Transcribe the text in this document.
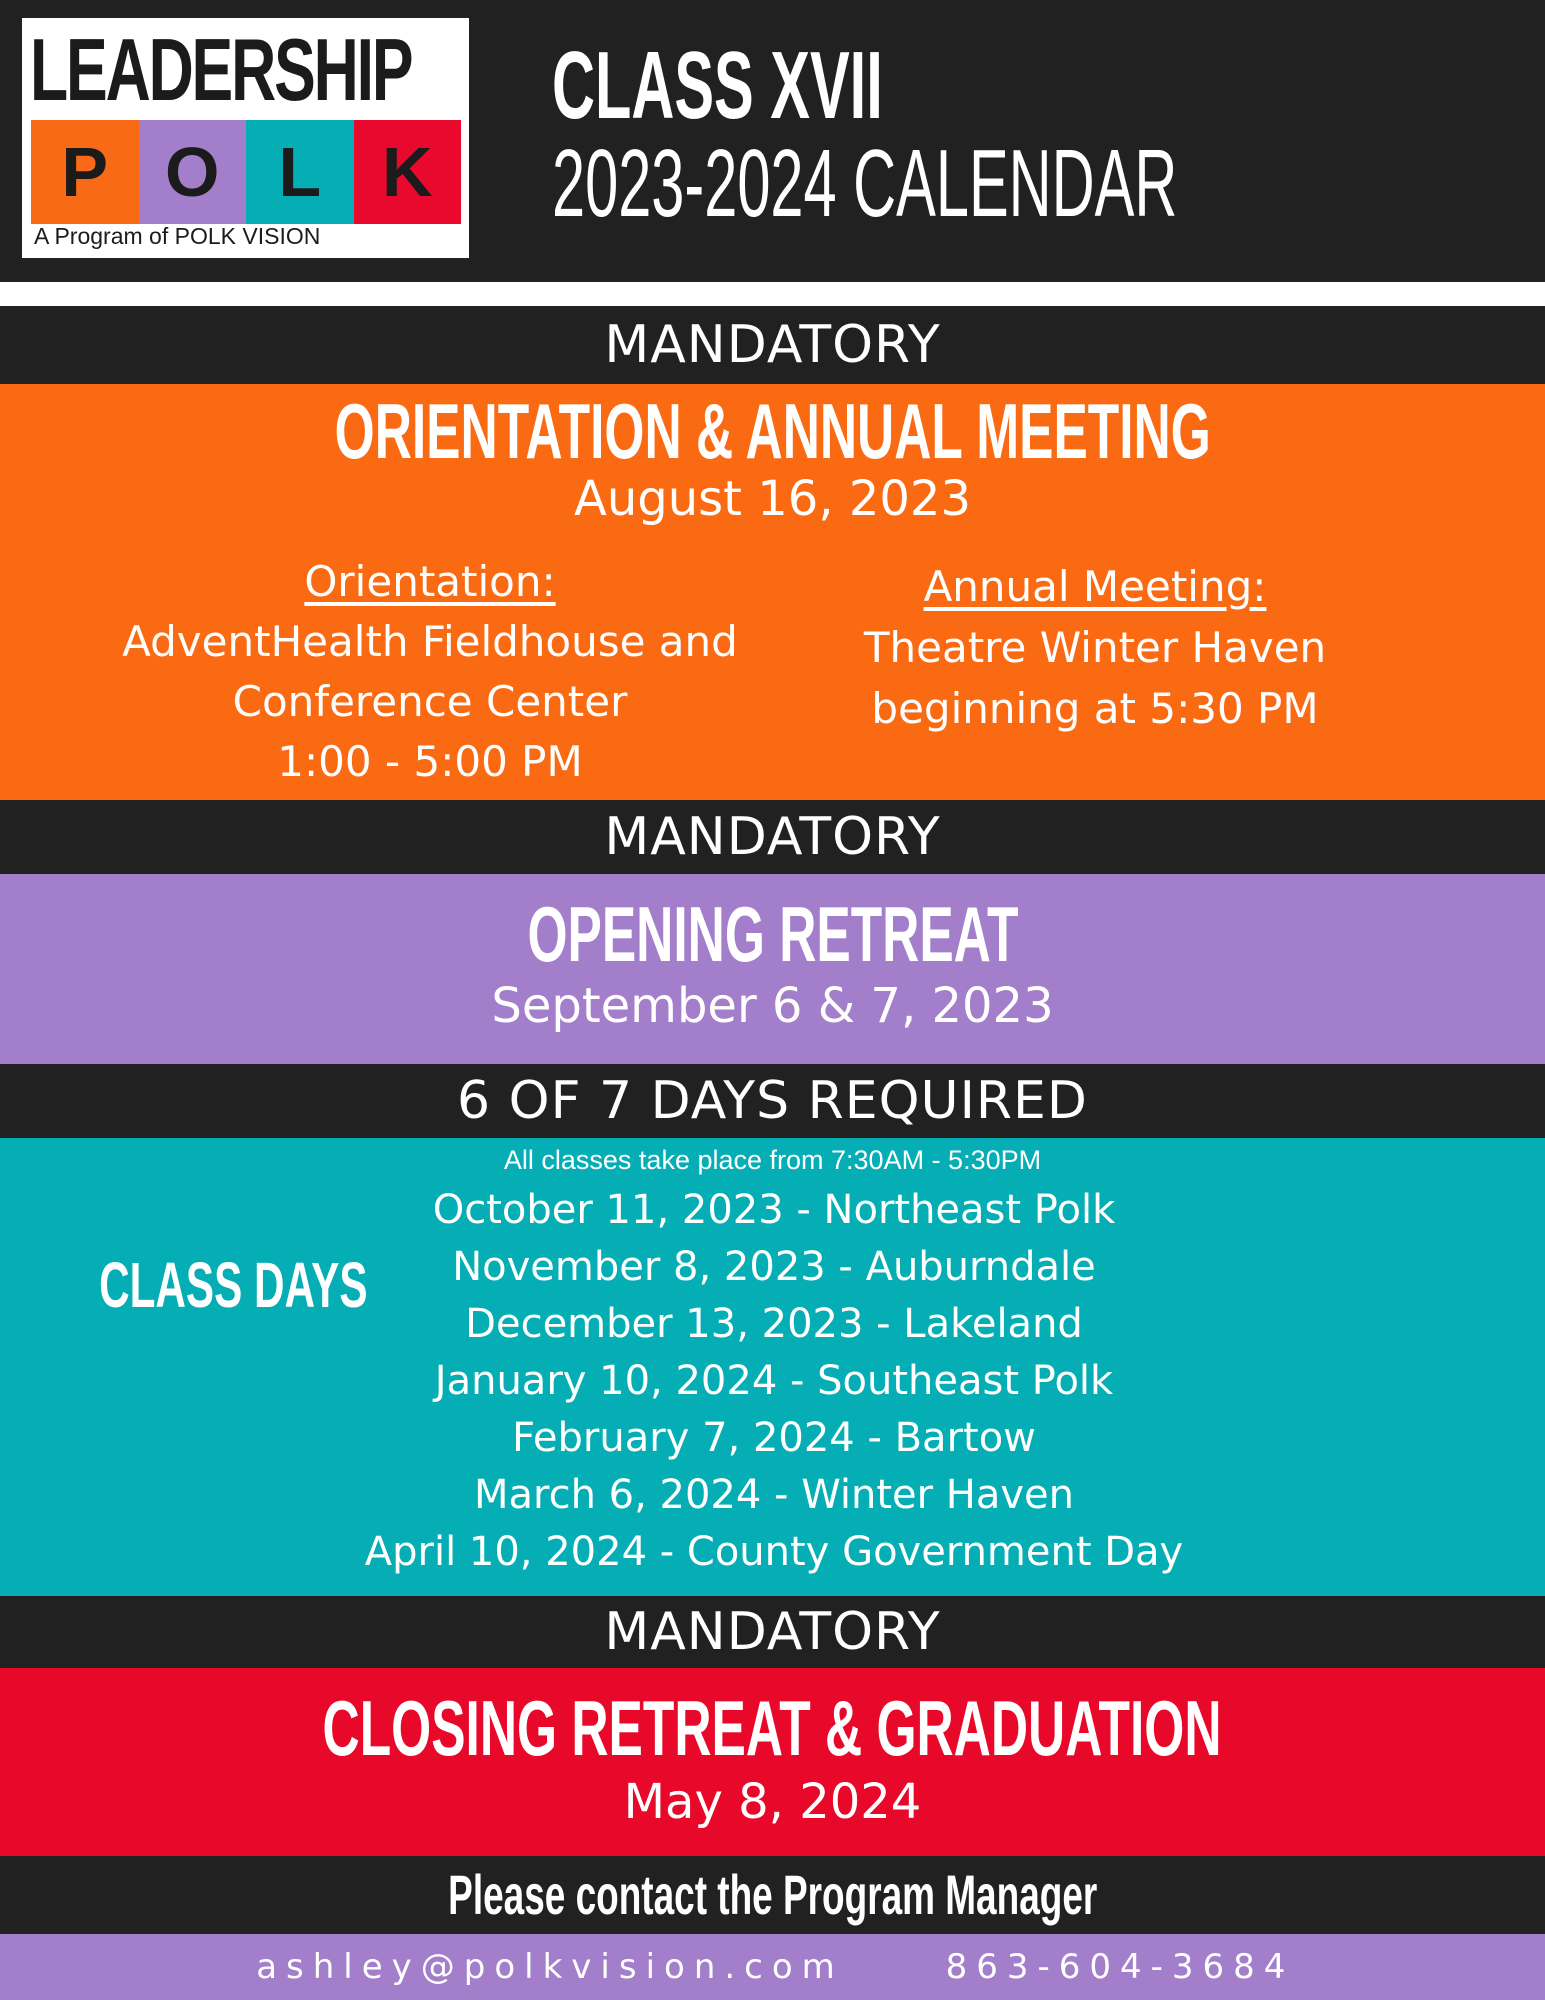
LEADERSHIP
P O L K
A Program of POLK VISION
CLASS XVII
2023-2024 CALENDAR
MANDATORY
ORIENTATION & ANNUAL MEETING
August 16, 2023
Orientation:
AdventHealth Fieldhouse and
Conference Center
1:00 - 5:00 PM
Annual Meeting:
Theatre Winter Haven
beginning at 5:30 PM
MANDATORY
OPENING RETREAT
September 6 & 7, 2023
6 OF 7 DAYS REQUIRED
All classes take place from 7:30AM - 5:30PM
CLASS DAYS
October 11, 2023 - Northeast Polk
November 8, 2023 - Auburndale
December 13, 2023 - Lakeland
January 10, 2024 - Southeast Polk
February 7, 2024 - Bartow
March 6, 2024 - Winter Haven
April 10, 2024 - County Government Day
MANDATORY
CLOSING RETREAT & GRADUATION
May 8, 2024
Please contact the Program Manager
ashley@polkvision.com	863-604-3684
